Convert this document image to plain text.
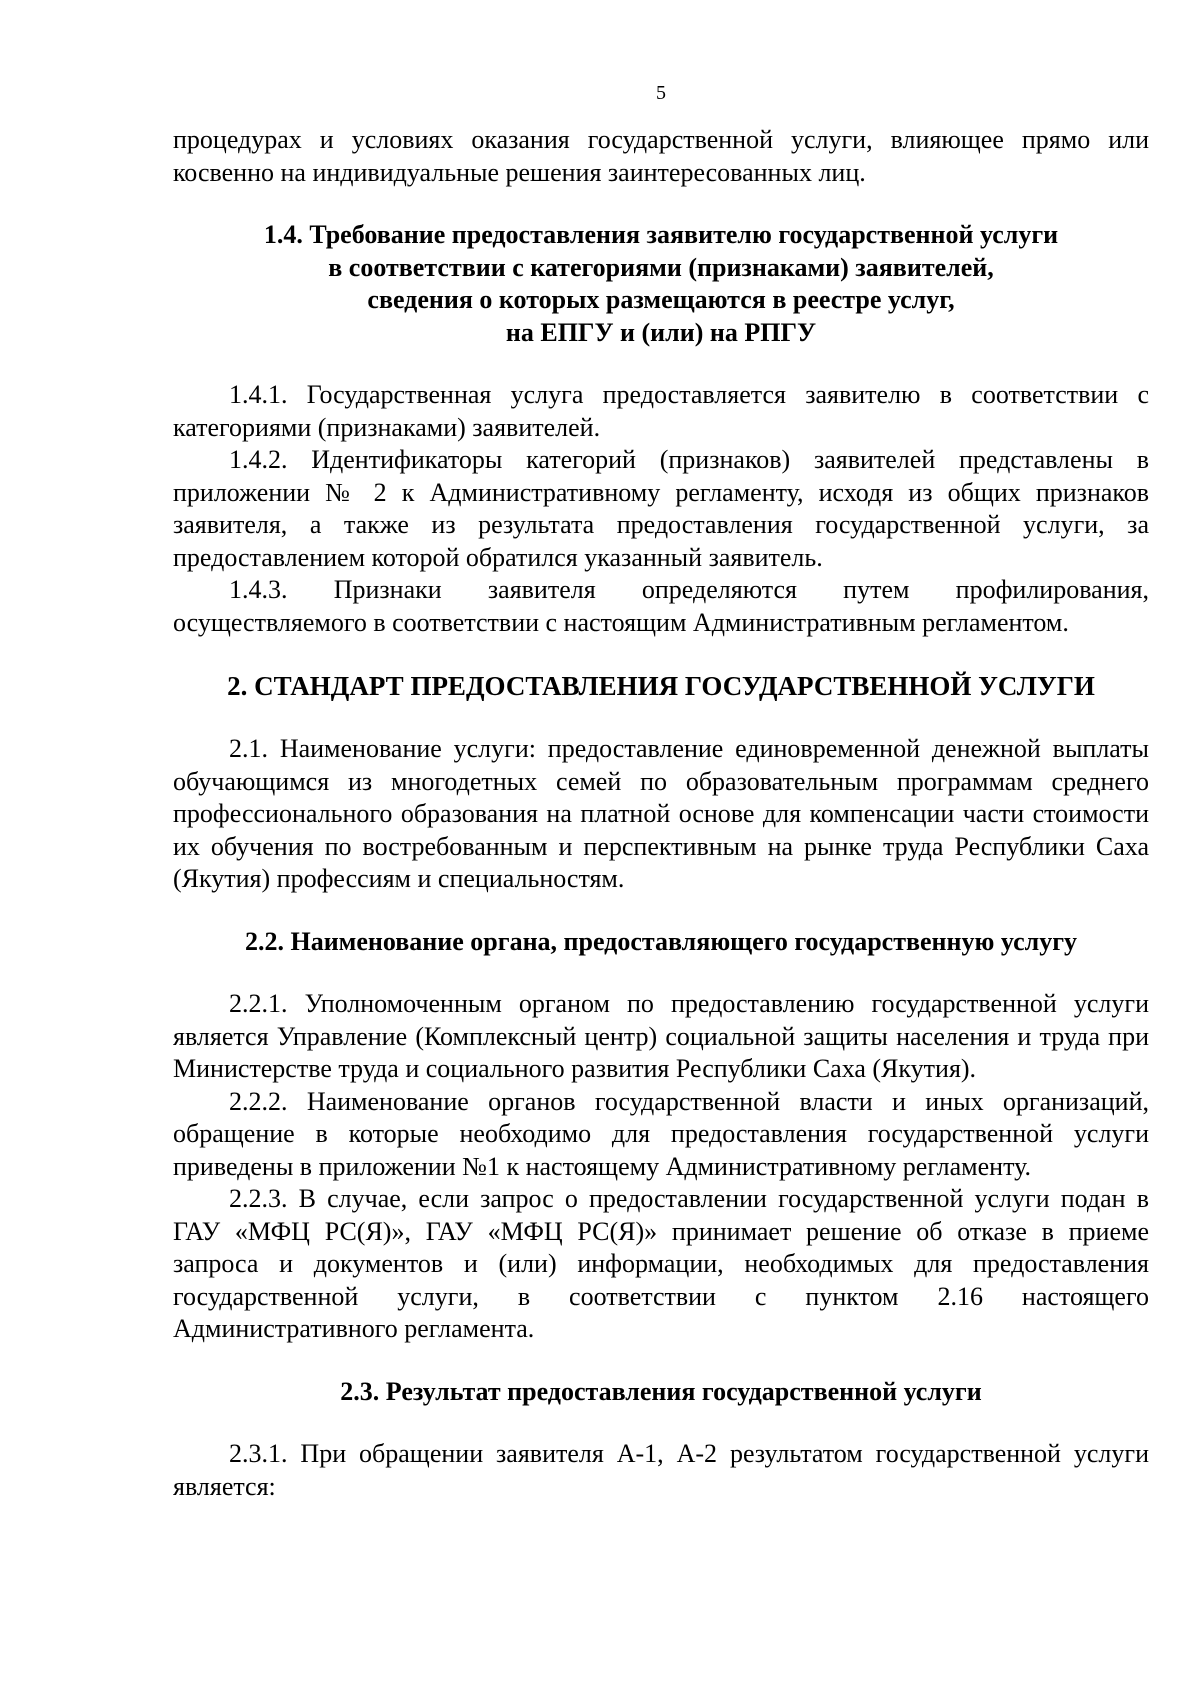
5

процедурах и условиях оказания государственной услуги, влияющее прямо или косвенно на индивидуальные решения заинтересованных лиц.

1.4. Требование предоставления заявителю государственной услуги
в соответствии с категориями (признаками) заявителей,
сведения о которых размещаются в реестре услуг,
на ЕПГУ и (или) на РПГУ

1.4.1. Государственная услуга предоставляется заявителю в соответствии с категориями (признаками) заявителей.

1.4.2. Идентификаторы категорий (признаков) заявителей представлены в приложении № 2 к Административному регламенту, исходя из общих признаков заявителя, а также из результата предоставления государственной услуги, за предоставлением которой обратился указанный заявитель.

1.4.3. Признаки заявителя определяются путем профилирования, осуществляемого в соответствии с настоящим Административным регламентом.

2. СТАНДАРТ ПРЕДОСТАВЛЕНИЯ ГОСУДАРСТВЕННОЙ УСЛУГИ

2.1. Наименование услуги: предоставление единовременной денежной выплаты обучающимся из многодетных семей по образовательным программам среднего профессионального образования на платной основе для компенсации части стоимости их обучения по востребованным и перспективным на рынке труда Республики Саха (Якутия) профессиям и специальностям.

2.2. Наименование органа, предоставляющего государственную услугу

2.2.1. Уполномоченным органом по предоставлению государственной услуги является Управление (Комплексный центр) социальной защиты населения и труда при Министерстве труда и социального развития Республики Саха (Якутия).

2.2.2. Наименование органов государственной власти и иных организаций, обращение в которые необходимо для предоставления государственной услуги приведены в приложении №1 к настоящему Административному регламенту.

2.2.3. В случае, если запрос о предоставлении государственной услуги подан в ГАУ «МФЦ РС(Я)», ГАУ «МФЦ РС(Я)» принимает решение об отказе в приеме запроса и документов и (или) информации, необходимых для предоставления государственной услуги, в соответствии с пунктом 2.16 настоящего Административного регламента.

2.3. Результат предоставления государственной услуги

2.3.1. При обращении заявителя А-1, А-2 результатом государственной услуги является:
